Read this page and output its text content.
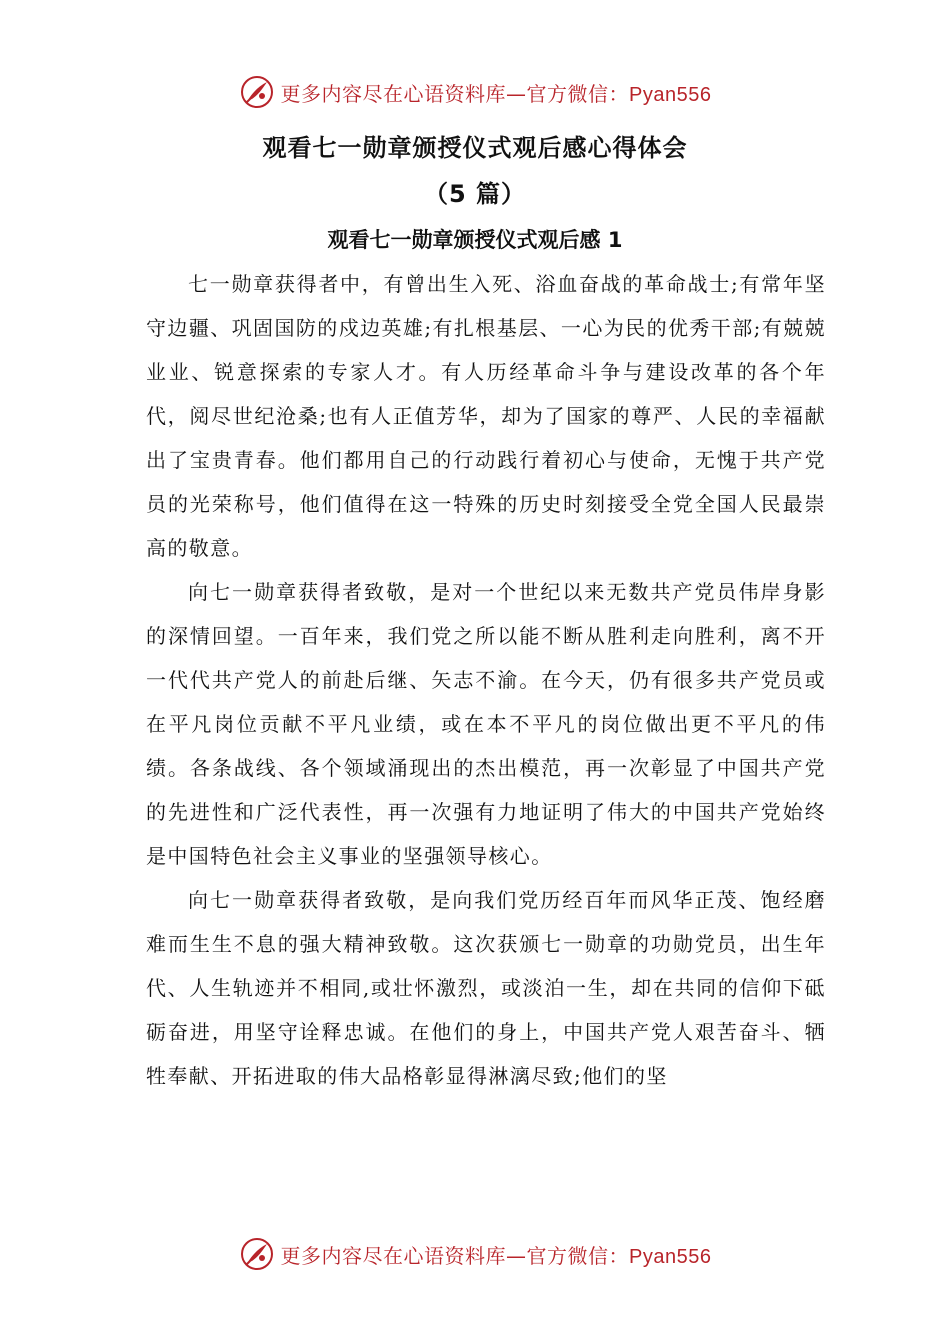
更多内容尽在心语资料库—官方微信：Pyan556
观看七一勋章颁授仪式观后感心得体会
（5 篇）
观看七一勋章颁授仪式观后感 1

七一勋章获得者中，有曾出生入死、浴血奋战的革命战士;有常年坚守边疆、巩固国防的戍边英雄;有扎根基层、一心为民的优秀干部;有兢兢业业、锐意探索的专家人才。有人历经革命斗争与建设改革的各个年代，阅尽世纪沧桑;也有人正值芳华，却为了国家的尊严、人民的幸福献出了宝贵青春。他们都用自己的行动践行着初心与使命，无愧于共产党员的光荣称号，他们值得在这一特殊的历史时刻接受全党全国人民最崇高的敬意。

向七一勋章获得者致敬，是对一个世纪以来无数共产党员伟岸身影的深情回望。一百年来，我们党之所以能不断从胜利走向胜利，离不开一代代共产党人的前赴后继、矢志不渝。在今天，仍有很多共产党员或在平凡岗位贡献不平凡业绩，或在本不平凡的岗位做出更不平凡的伟绩。各条战线、各个领域涌现出的杰出模范，再一次彰显了中国共产党的先进性和广泛代表性，再一次强有力地证明了伟大的中国共产党始终是中国特色社会主义事业的坚强领导核心。

向七一勋章获得者致敬，是向我们党历经百年而风华正茂、饱经磨难而生生不息的强大精神致敬。这次获颁七一勋章的功勋党员，出生年代、人生轨迹并不相同,或壮怀激烈，或淡泊一生，却在共同的信仰下砥砺奋进，用坚守诠释忠诚。在他们的身上，中国共产党人艰苦奋斗、牺牲奉献、开拓进取的伟大品格彰显得淋漓尽致;他们的坚

更多内容尽在心语资料库—官方微信：Pyan556
